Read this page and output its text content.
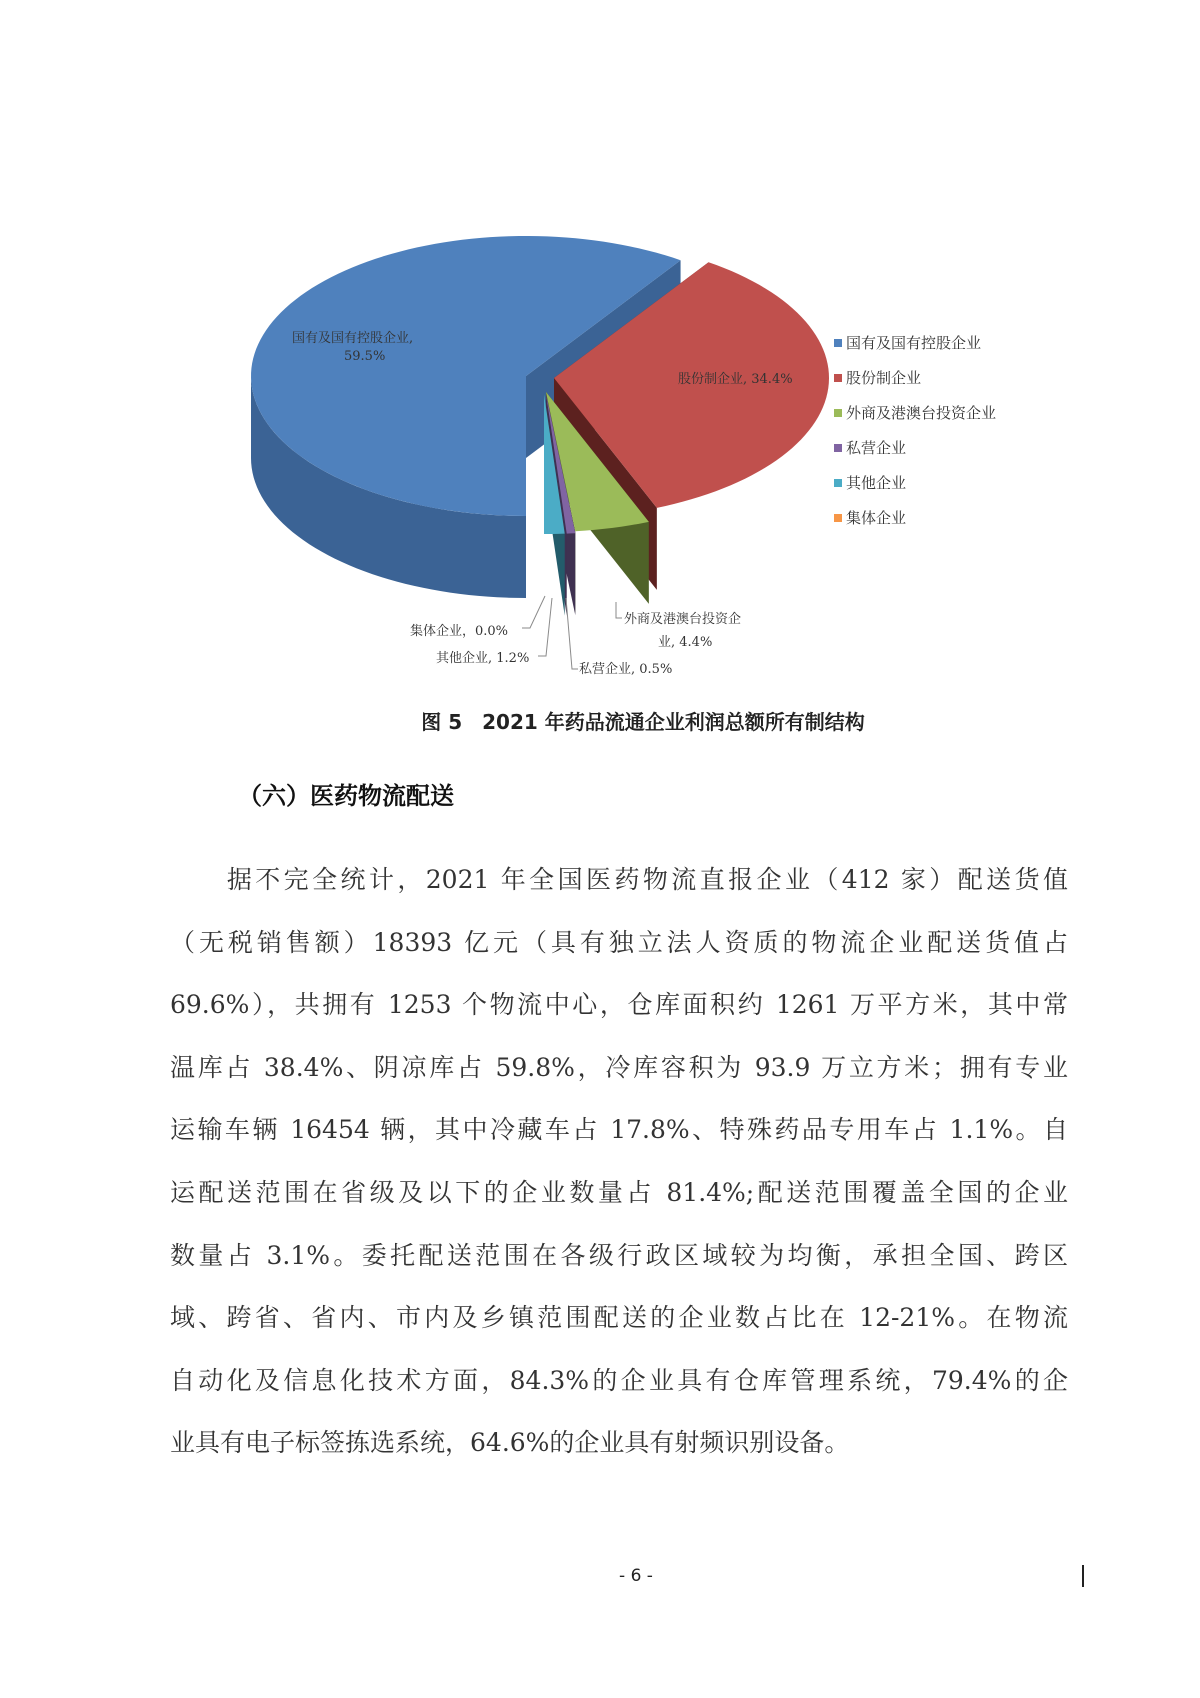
国有及国有控股企业,
59.5%
股份制企业, 34.4%
外商及港澳台投资企
业, 4.4%
私营企业, 0.5%
其他企业, 1.2%
集体企业，0.0%
国有及国有控股企业
股份制企业
外商及港澳台投资企业
私营企业
其他企业
集体企业
图 5　2021 年药品流通企业利润总额所有制结构
（六）医药物流配送
　　据不完全统计，2021 年全国医药物流直报企业（412 家）配送货值
（无税销售额）18393 亿元（具有独立法人资质的物流企业配送货值占
69.6%），共拥有 1253 个物流中心，仓库面积约 1261 万平方米，其中常
温库占 38.4%、阴凉库占 59.8%，冷库容积为 93.9 万立方米；拥有专业
运输车辆 16454 辆，其中冷藏车占 17.8%、特殊药品专用车占 1.1%。自
运配送范围在省级及以下的企业数量占 81.4%;配送范围覆盖全国的企业
数量占 3.1%。委托配送范围在各级行政区域较为均衡，承担全国、跨区
域、跨省、省内、市内及乡镇范围配送的企业数占比在 12-21%。在物流
自动化及信息化技术方面，84.3%的企业具有仓库管理系统，79.4%的企
业具有电子标签拣选系统，64.6%的企业具有射频识别设备。
- 6 -
